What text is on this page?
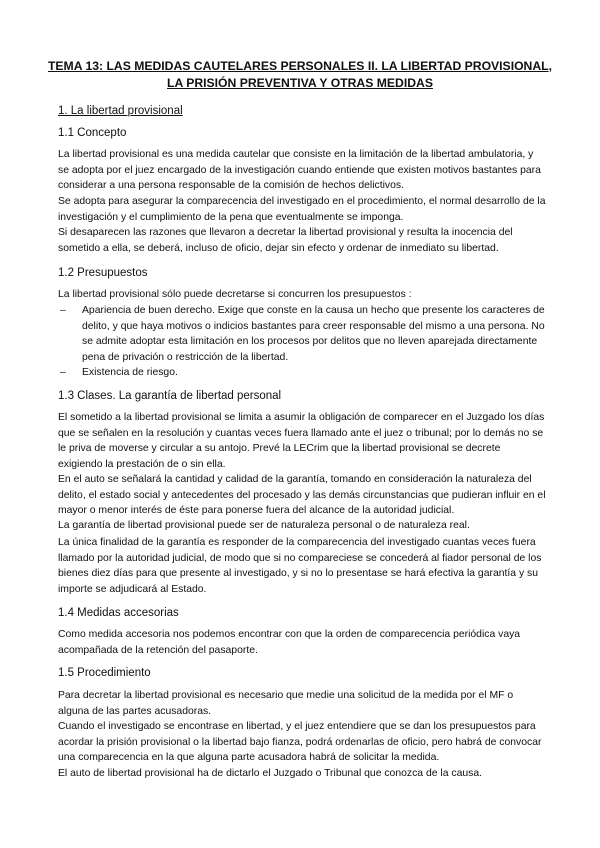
TEMA 13: LAS MEDIDAS CAUTELARES PERSONALES II. LA LIBERTAD PROVISIONAL,
LA PRISIÓN PREVENTIVA Y OTRAS MEDIDAS
1. La libertad provisional
1.1 Concepto

La libertad provisional es una medida cautelar que consiste en la limitación de la libertad ambulatoria, y se adopta por el juez encargado de la investigación cuando entiende que existen motivos bastantes para considerar a una persona responsable de la comisión de hechos delictivos.

Se adopta para asegurar la comparecencia del investigado en el procedimiento, el normal desarrollo de la investigación y el cumplimiento de la pena que eventualmente se imponga.

Si desaparecen las razones que llevaron a decretar la libertad provisional y resulta la inocencia del sometido a ella, se deberá, incluso de oficio, dejar sin efecto y ordenar de inmediato su libertad.

1.2 Presupuestos

La libertad provisional sólo puede decretarse si concurren los presupuestos :

– Apariencia de buen derecho. Exige que conste en la causa un hecho que presente los caracteres de delito, y que haya motivos o indicios bastantes para creer responsable del mismo a una persona. No se admite adoptar esta limitación en los procesos por delitos que no lleven aparejada directamente pena de privación o restricción de la libertad.
– Existencia de riesgo.
1.3 Clases. La garantía de libertad personal

El sometido a la libertad provisional se limita a asumir la obligación de comparecer en el Juzgado los días que se señalen en la resolución y cuantas veces fuera llamado ante el juez o tribunal; por lo demás no se le priva de moverse y circular a su antojo. Prevé la LECrim que la libertad provisional se decrete exigiendo la prestación de o sin ella.

En el auto se señalará la cantidad y calidad de la garantía, tomando en consideración la naturaleza del delito, el estado social y antecedentes del procesado y las demás circunstancias que pudieran influir en el mayor o menor interés de éste para ponerse fuera del alcance de la autoridad judicial.

La garantía de libertad provisional puede ser de naturaleza personal o de naturaleza real.

La única finalidad de la garantía es responder de la comparecencia del investigado cuantas veces fuera llamado por la autoridad judicial, de modo que si no compareciese se concederá al fiador personal de los bienes diez días para que presente al investigado, y si no lo presentase se hará efectiva la garantía y su importe se adjudicará al Estado.

1.4 Medidas accesorias

Como medida accesoria nos podemos encontrar con que la orden de comparecencia periódica vaya acompañada de la retención del pasaporte.

1.5 Procedimiento

Para decretar la libertad provisional es necesario que medie una solicitud de la medida por el MF o alguna de las partes acusadoras.

Cuando el investigado se encontrase en libertad, y el juez entendiere que se dan los presupuestos para acordar la prisión provisional o la libertad bajo fianza, podrá ordenarlas de oficio, pero habrá de convocar una comparecencia en la que alguna parte acusadora habrá de solicitar la medida.

El auto de libertad provisional ha de dictarlo el Juzgado o Tribunal que conozca de la causa.
